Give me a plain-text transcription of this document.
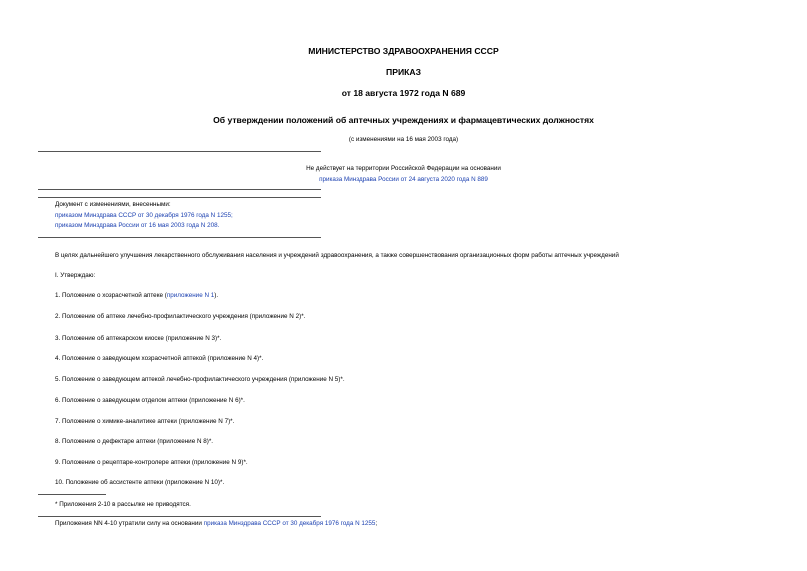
МИНИСТЕРСТВО ЗДРАВООХРАНЕНИЯ СССР
ПРИКАЗ
от 18 августа 1972 года N 689
Об утверждении положений об аптечных учреждениях и фармацевтических должностях
(с изменениями на 16 мая 2003 года)
Не действует на территории Российской Федерации на основании
приказа Минздрава России от 24 августа 2020 года N 889
Документ с изменениями, внесенными:
приказом Минздрава СССР от 30 декабря 1976 года N 1255;
приказом Минздрава России от 16 мая 2003 года N 208.
В целях дальнейшего улучшения лекарственного обслуживания населения и учреждений здравоохранения, а также совершенствования организационных форм работы аптечных учреждений
I. Утверждаю:
1. Положение о хозрасчетной аптеке (приложение N 1).
2. Положение об аптеке лечебно-профилактического учреждения (приложение N 2)*.
3. Положение об аптекарском киоске (приложение N 3)*.
4. Положение о заведующем хозрасчетной аптекой (приложение N 4)*.
5. Положение о заведующем аптекой лечебно-профилактического учреждения (приложение N 5)*.
6. Положение о заведующем отделом аптеки (приложение N 6)*.
7. Положение о химике-аналитике аптеки (приложение N 7)*.
8. Положение о дефектаре аптеки (приложение N 8)*.
9. Положение о рецептаре-контролере аптеки (приложение N 9)*.
10. Положение об ассистенте аптеки (приложение N 10)*.
* Приложения 2-10 в рассылке не приводятся.
Приложения NN 4-10 утратили силу на основании приказа Минздрава СССР от 30 декабря 1976 года N 1255;
